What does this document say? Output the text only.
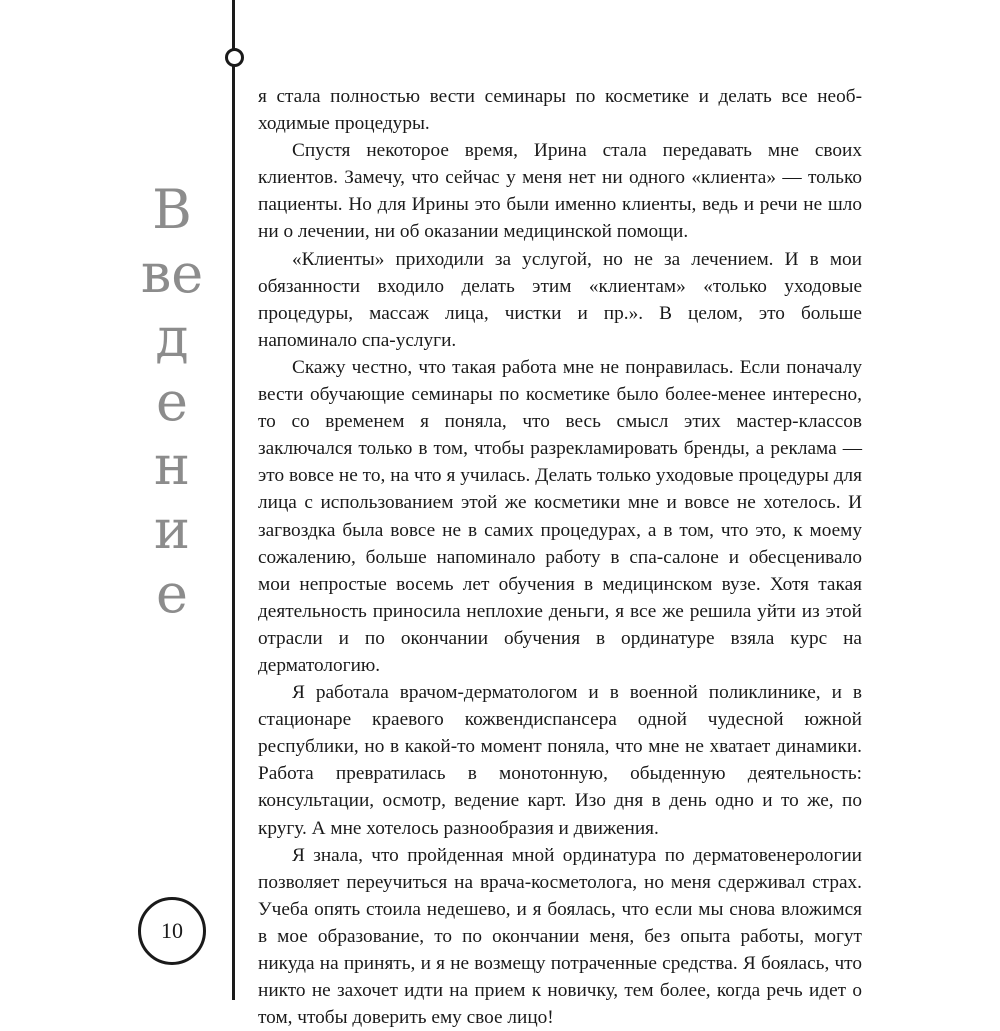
Введение
10

я стала полностью вести семинары по косметике и делать все необходимые процедуры.

Спустя некоторое время, Ирина стала передавать мне своих клиентов. Замечу, что сейчас у меня нет ни одного «клиента» — только пациенты. Но для Ирины это были именно клиенты, ведь и речи не шло ни о лечении, ни об оказании медицинской помощи.

«Клиенты» приходили за услугой, но не за лечением. И в мои обязанности входило делать этим «клиентам» «только уходовые процедуры, массаж лица, чистки и пр.». В целом, это больше напоминало спа-услуги.

Скажу честно, что такая работа мне не понравилась. Если поначалу вести обучающие семинары по косметике было более-менее интересно, то со временем я поняла, что весь смысл этих мастер-классов заключался только в том, чтобы разрекламировать бренды, а реклама — это вовсе не то, на что я училась. Делать только уходовые процедуры для лица с использованием этой же косметики мне и вовсе не хотелось. И загвоздка была вовсе не в самих процедурах, а в том, что это, к моему сожалению, больше напоминало работу в спа-салоне и обесценивало мои непростые восемь лет обучения в медицинском вузе. Хотя такая деятельность приносила неплохие деньги, я все же решила уйти из этой отрасли и по окончании обучения в ординатуре взяла курс на дерматологию.

Я работала врачом-дерматологом и в военной поликлинике, и в стационаре краевого кожвендиспансера одной чудесной южной республики, но в какой-то момент поняла, что мне не хватает динамики. Работа превратилась в монотонную, обыденную деятельность: консультации, осмотр, ведение карт. Изо дня в день одно и то же, по кругу. А мне хотелось разнообразия и движения.

Я знала, что пройденная мной ординатура по дерматовенерологии позволяет переучиться на врача-косметолога, но меня сдерживал страх. Учеба опять стоила недешево, и я боялась, что если мы снова вложимся в мое образование, то по окончании меня, без опыта работы, могут никуда на принять, и я не возмещу потраченные средства. Я боялась, что никто не захочет идти на прием к новичку, тем более, когда речь идет о том, чтобы доверить ему свое лицо!
